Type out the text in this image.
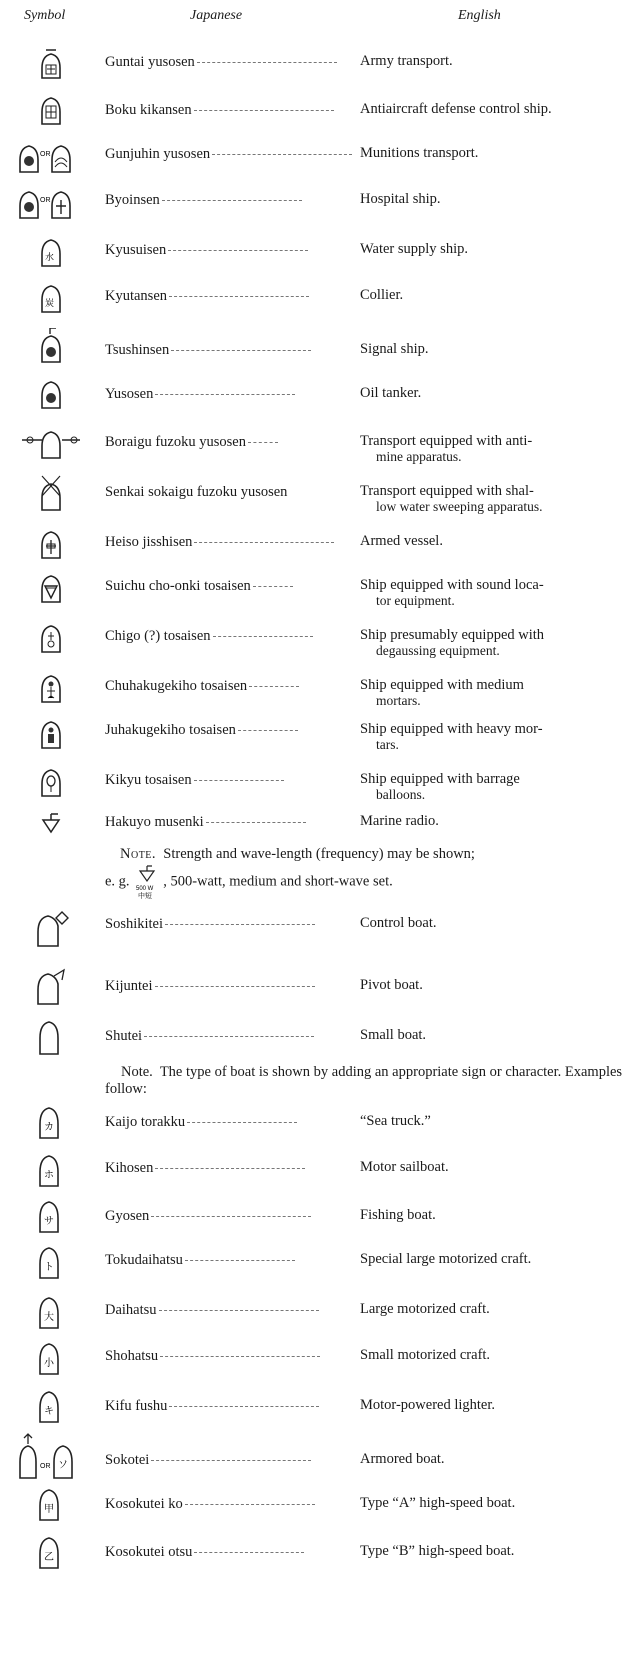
Symbol	Japanese	English
Guntai yusosen	Army transport.
Boku kikansen	Antiaircraft defense control ship.
OR	Gunjuhin yusosen	Munitions transport.
OR	Byoinsen	Hospital ship.
水	Kyusuisen	Water supply ship.
炭	Kyutansen	Collier.
Tsushinsen	Signal ship.
Yusosen	Oil tanker.
Boraigu fuzoku yusosen	Transport equipped with anti-
mine apparatus.
Senkai sokaigu fuzoku yusosen	Transport equipped with shal-
low water sweeping apparatus.
Heiso jisshisen	Armed vessel.
Suichu cho-onki tosaisen	Ship equipped with sound loca-
tor equipment.
Chigo (?) tosaisen	Ship presumably equipped with
degaussing equipment.
Chuhakugekiho tosaisen	Ship equipped with medium
mortars.
Juhakugekiho tosaisen	Ship equipped with heavy mor-
tars.
Kikyu tosaisen	Ship equipped with barrage
balloons.
Hakuyo musenki	Marine radio.
Note. Strength and wave-length (frequency) may be shown;
e. g. 500 W
中短
, 500-watt, medium and short-wave set.
Soshikitei	Control boat.
Kijuntei	Pivot boat.
Shutei	Small boat.
Note. The type of boat is shown by adding an appropriate sign or character. Examples follow:
カ	Kaijo torakku	“Sea truck.”
ホ	Kihosen	Motor sailboat.
サ	Gyosen	Fishing boat.
ト	Tokudaihatsu	Special large motorized craft.
大	Daihatsu	Large motorized craft.
小	Shohatsu	Small motorized craft.
キ	Kifu fushu	Motor-powered lighter.
OR ソ	Sokotei	Armored boat.
甲	Kosokutei ko	Type “A” high-speed boat.
乙	Kosokutei otsu	Type “B” high-speed boat.
